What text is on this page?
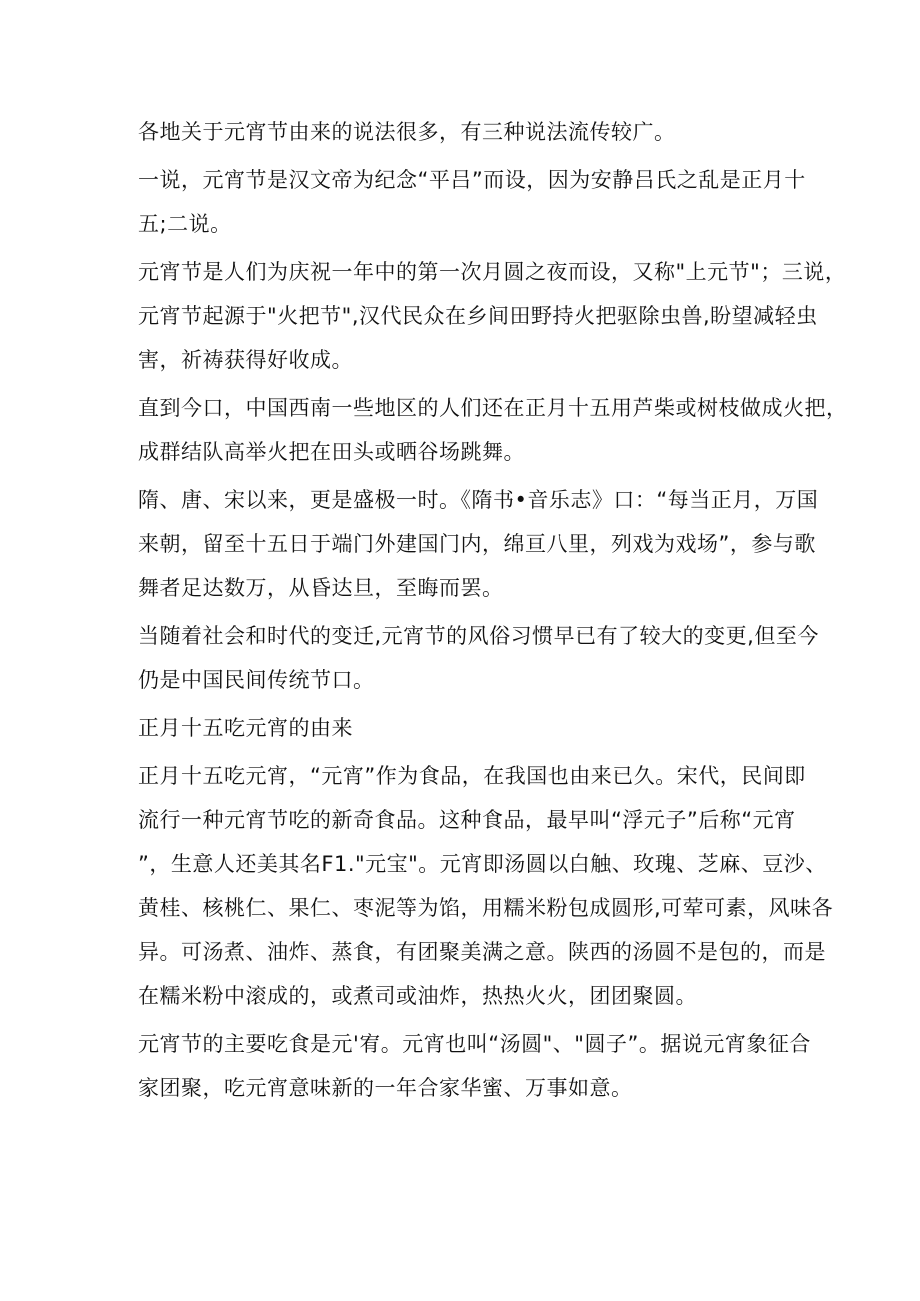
各地关于元宵节由来的说法很多，有三种说法流传较广。

一说，元宵节是汉文帝为纪念“平吕”而设，因为安静吕氏之乱是正月十
五;二说。

元宵节是人们为庆祝一年中的第一次月圆之夜而设，又称"上元节"；三说，
元宵节起源于"火把节",汉代民众在乡间田野持火把驱除虫兽,盼望减轻虫
害，祈祷获得好收成。

直到今口，中国西南一些地区的人们还在正月十五用芦柴或树枝做成火把，
成群结队高举火把在田头或晒谷场跳舞。

隋、唐、宋以来，更是盛极一时。《隋书•音乐志》口：“每当正月，万国
来朝，留至十五日于端门外建国门内，绵亘八里，列戏为戏场”，参与歌
舞者足达数万，从昏达旦，至晦而罢。

当随着社会和时代的变迁,元宵节的风俗习惯早已有了较大的变更,但至今
仍是中国民间传统节口。

正月十五吃元宵的由来

正月十五吃元宵，“元宵”作为食品，在我国也由来已久。宋代，民间即
流行一种元宵节吃的新奇食品。这种食品，最早叫“浮元子”后称“元宵
”，生意人还美其名F1."元宝"。元宵即汤圆以白触、玫瑰、芝麻、豆沙、
黄桂、核桃仁、果仁、枣泥等为馅，用糯米粉包成圆形,可荤可素，风味各
异。可汤煮、油炸、蒸食，有团聚美满之意。陕西的汤圆不是包的，而是
在糯米粉中滚成的，或煮司或油炸，热热火火，团团聚圆。

元宵节的主要吃食是元'宥。元宵也叫“汤圆"、"圆子”。据说元宵象征合
家团聚，吃元宵意味新的一年合家华蜜、万事如意。
